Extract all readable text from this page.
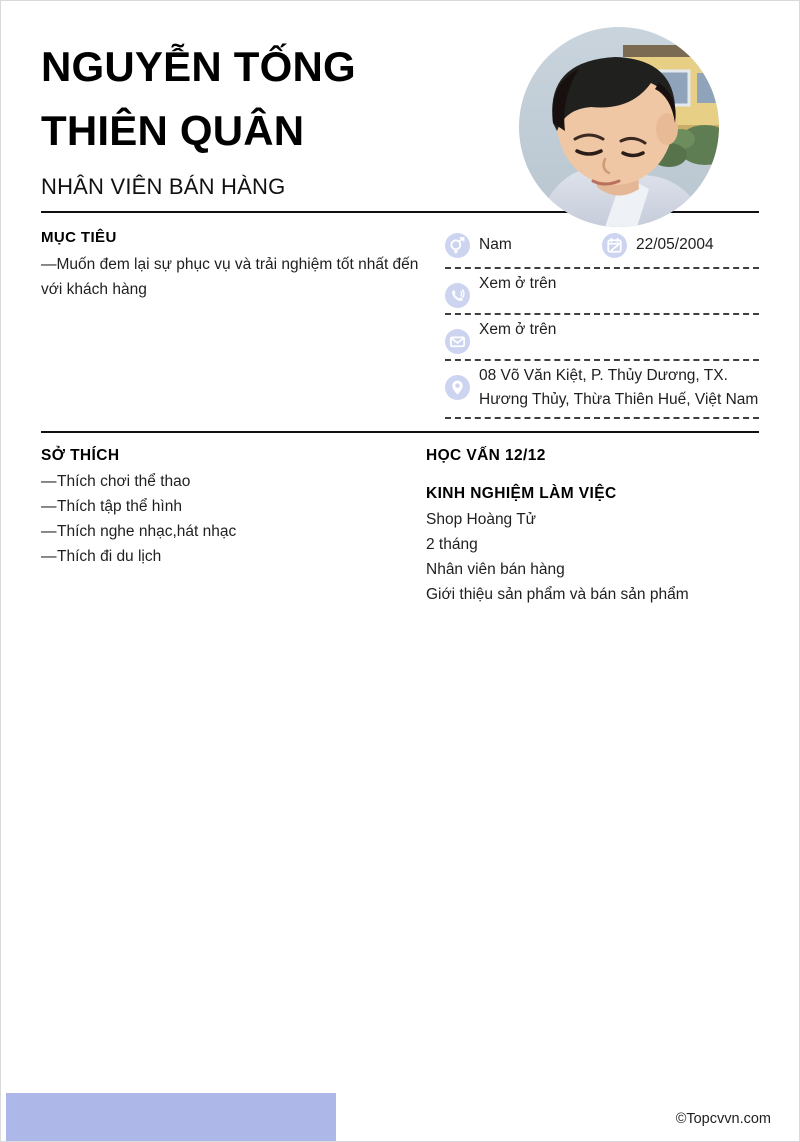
NGUYỄN TỐNG
THIÊN QUÂN
NHÂN VIÊN BÁN HÀNG
MỤC TIÊU
—Muốn đem lại sự phục vụ và trải nghiệm tốt nhất đến với khách hàng
Nam	22/05/2004
Xem ở trên
Xem ở trên
08 Võ Văn Kiệt, P. Thủy Dương, TX. Hương Thủy, Thừa Thiên Huế, Việt Nam
SỞ THÍCH
—Thích chơi thể thao
—Thích tập thể hình
—Thích nghe nhạc,hát nhạc
—Thích đi du lịch
HỌC VẤN 12/12
KINH NGHIỆM LÀM VIỆC
Shop Hoàng Tử
2 tháng
Nhân viên bán hàng
Giới thiệu sản phẩm và bán sản phẩm
©Topcvvn.com
